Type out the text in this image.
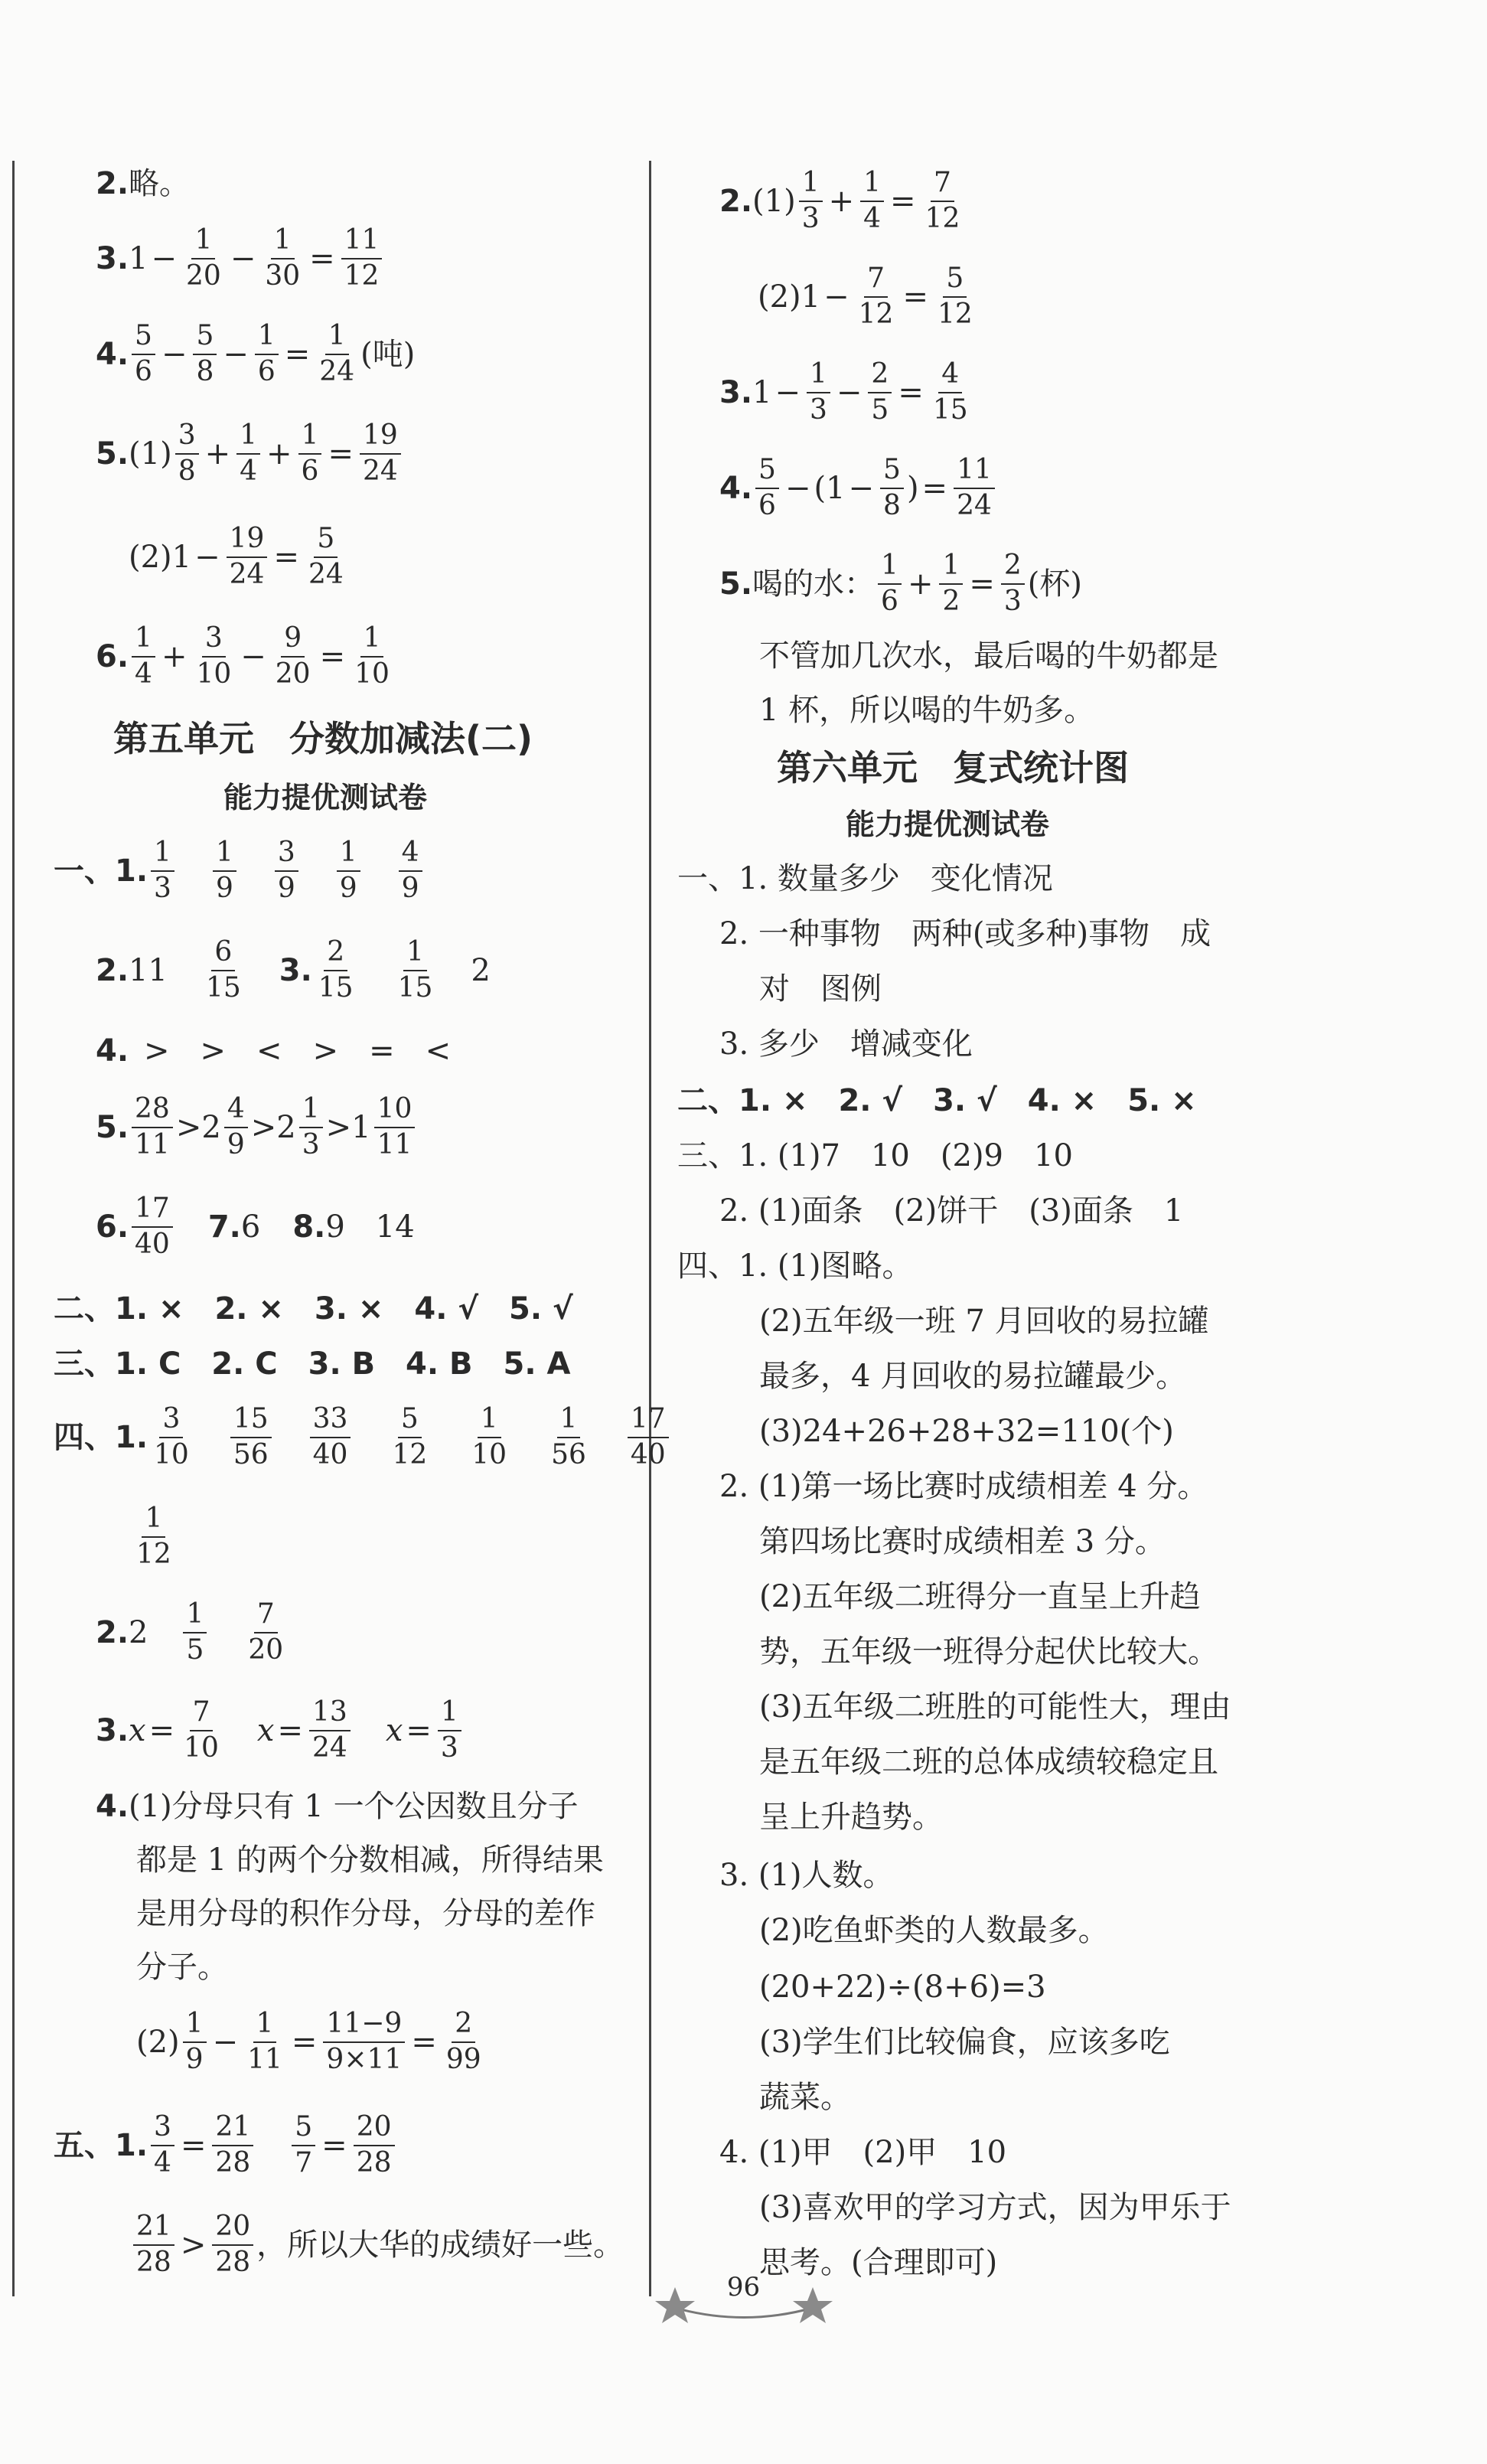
2. 略。
3. $1 - \frac{1}{20} - \frac{1}{30} = \frac{11}{12}$
4. $\frac{5}{6} - \frac{5}{8} - \frac{1}{6} = \frac{1}{24}$ (吨)
5. $(1) \frac{3}{8} + \frac{1}{4} + \frac{1}{6} = \frac{19}{24}$
(2) $1 - \frac{19}{24} = \frac{5}{24}$
6. $\frac{1}{4} + \frac{3}{10} - \frac{9}{20} = \frac{1}{10}$
第五单元　分数加减法(二)
能力提优测试卷
一、1. $\frac{1}{3} \frac{1}{9} \frac{3}{9} \frac{1}{9} \frac{4}{9}$
2. $11 \frac{6}{15} 3$. $\frac{2}{15} \frac{1}{15} 2$
4. >　>　<　>　=　<
5. $\frac{28}{11} >2 \frac{4}{9} >2 \frac{1}{3} >1 \frac{10}{11}$
6. $\frac{17}{40} 7$. 6 8. 9　14
二、1. ×　2. ×　3. ×　4. √　5. √
三、1. C　2. C　3. B　4. B　5. A
四、1. $\frac{3}{10} \frac{15}{56} \frac{33}{40} \frac{5}{12} \frac{1}{10} \frac{1}{56} \frac{17}{40}$
$\frac{1}{12}$
2. $2 \frac{1}{5} \frac{7}{20}$
3. $x = \frac{7}{10}$ $x = \frac{13}{24}$ $x = \frac{1}{3}$
4. (1)分母只有 1 一个公因数且分子
都是 1 的两个分数相减，所得结果
是用分母的积作分母，分母的差作
分子。
$(2) \frac{1}{9} - \frac{1}{11} = \frac{11-9}{9\times 11} = \frac{2}{99}$
五、1. $\frac{3}{4} = \frac{21}{28} \frac{5}{7} = \frac{20}{28}$
$\frac{21}{28} > \frac{20}{28}$ ，所以大华的成绩好一些。
2. $(1) \frac{1}{3} + \frac{1}{4} = \frac{7}{12}$
(2) $1 - \frac{7}{12} = \frac{5}{12}$
3. $1 - \frac{1}{3} - \frac{2}{5} = \frac{4}{15}$
4. $\frac{5}{6} - (1 - \frac{5}{8}$ ) = $\frac{11}{24}$
5. 喝的水： $\frac{1}{6} + \frac{1}{2} = \frac{2}{3}$ (杯)
不管加几次水，最后喝的牛奶都是
1 杯，所以喝的牛奶多。
第六单元　复式统计图
能力提优测试卷
一、1. 数量多少　变化情况
2. 一种事物　两种(或多种)事物　成
对　图例
3. 多少　增减变化
二、1. ×　2. √　3. √　4. ×　5. ×
三、1. (1)7　10　(2)9　10
2. (1)面条　(2)饼干　(3)面条　1
四、1. (1)图略。
(2)五年级一班 7 月回收的易拉罐
最多，4 月回收的易拉罐最少。
(3)24+26+28+32=110(个)
2. (1)第一场比赛时成绩相差 4 分。
第四场比赛时成绩相差 3 分。
(2)五年级二班得分一直呈上升趋
势，五年级一班得分起伏比较大。
(3)五年级二班胜的可能性大，理由
是五年级二班的总体成绩较稳定且
呈上升趋势。
3. (1)人数。
(2)吃鱼虾类的人数最多。
(20+22)÷(8+6)=3
(3)学生们比较偏食，应该多吃
蔬菜。
4. (1)甲　(2)甲　10
(3)喜欢甲的学习方式，因为甲乐于
思考。(合理即可)
96
